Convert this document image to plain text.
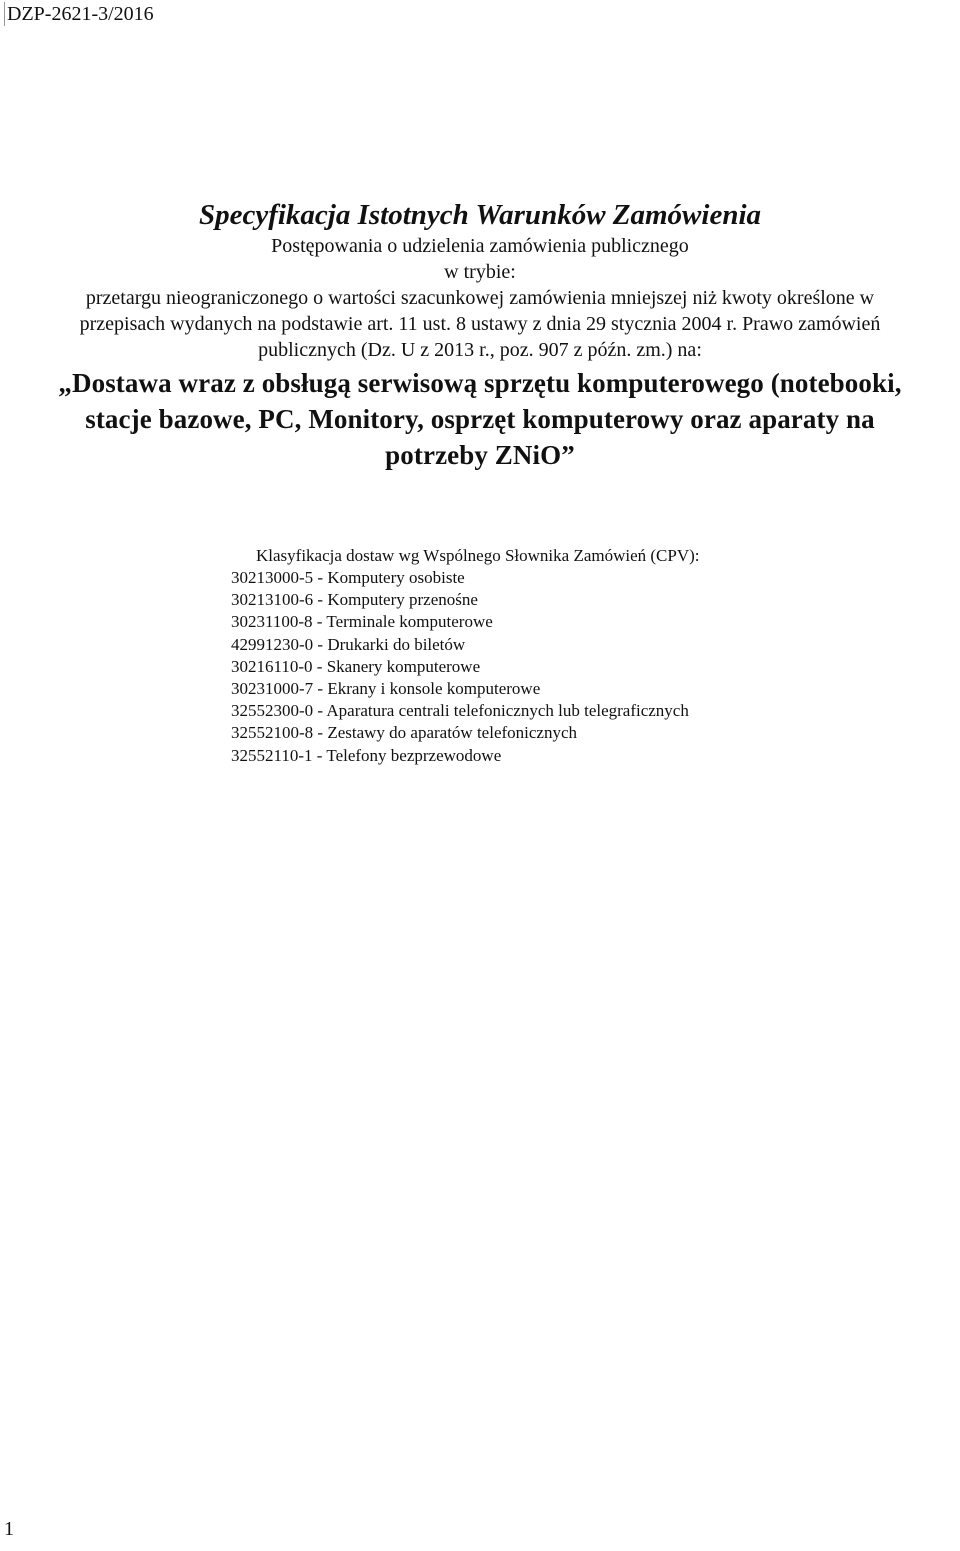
DZP-2621-3/2016
Specyfikacja Istotnych Warunków Zamówienia
Postępowania o udzielenia zamówienia publicznego
w trybie:
przetargu nieograniczonego o wartości szacunkowej zamówienia mniejszej niż kwoty określone w
przepisach wydanych na podstawie art. 11 ust. 8 ustawy z dnia 29 stycznia 2004 r. Prawo zamówień
publicznych (Dz. U z 2013 r., poz. 907 z późn. zm.) na:
„Dostawa wraz z obsługą serwisową sprzętu komputerowego (notebooki,
stacje bazowe, PC, Monitory, osprzęt komputerowy oraz aparaty na
potrzeby ZNiO”
Klasyfikacja dostaw wg Wspólnego Słownika Zamówień (CPV):
30213000-5 - Komputery osobiste
30213100-6 - Komputery przenośne
30231100-8 - Terminale komputerowe
42991230-0 - Drukarki do biletów
30216110-0 - Skanery komputerowe
30231000-7 - Ekrany i konsole komputerowe
32552300-0 - Aparatura centrali telefonicznych lub telegraficznych
32552100-8 - Zestawy do aparatów telefonicznych
32552110-1 - Telefony bezprzewodowe
1
